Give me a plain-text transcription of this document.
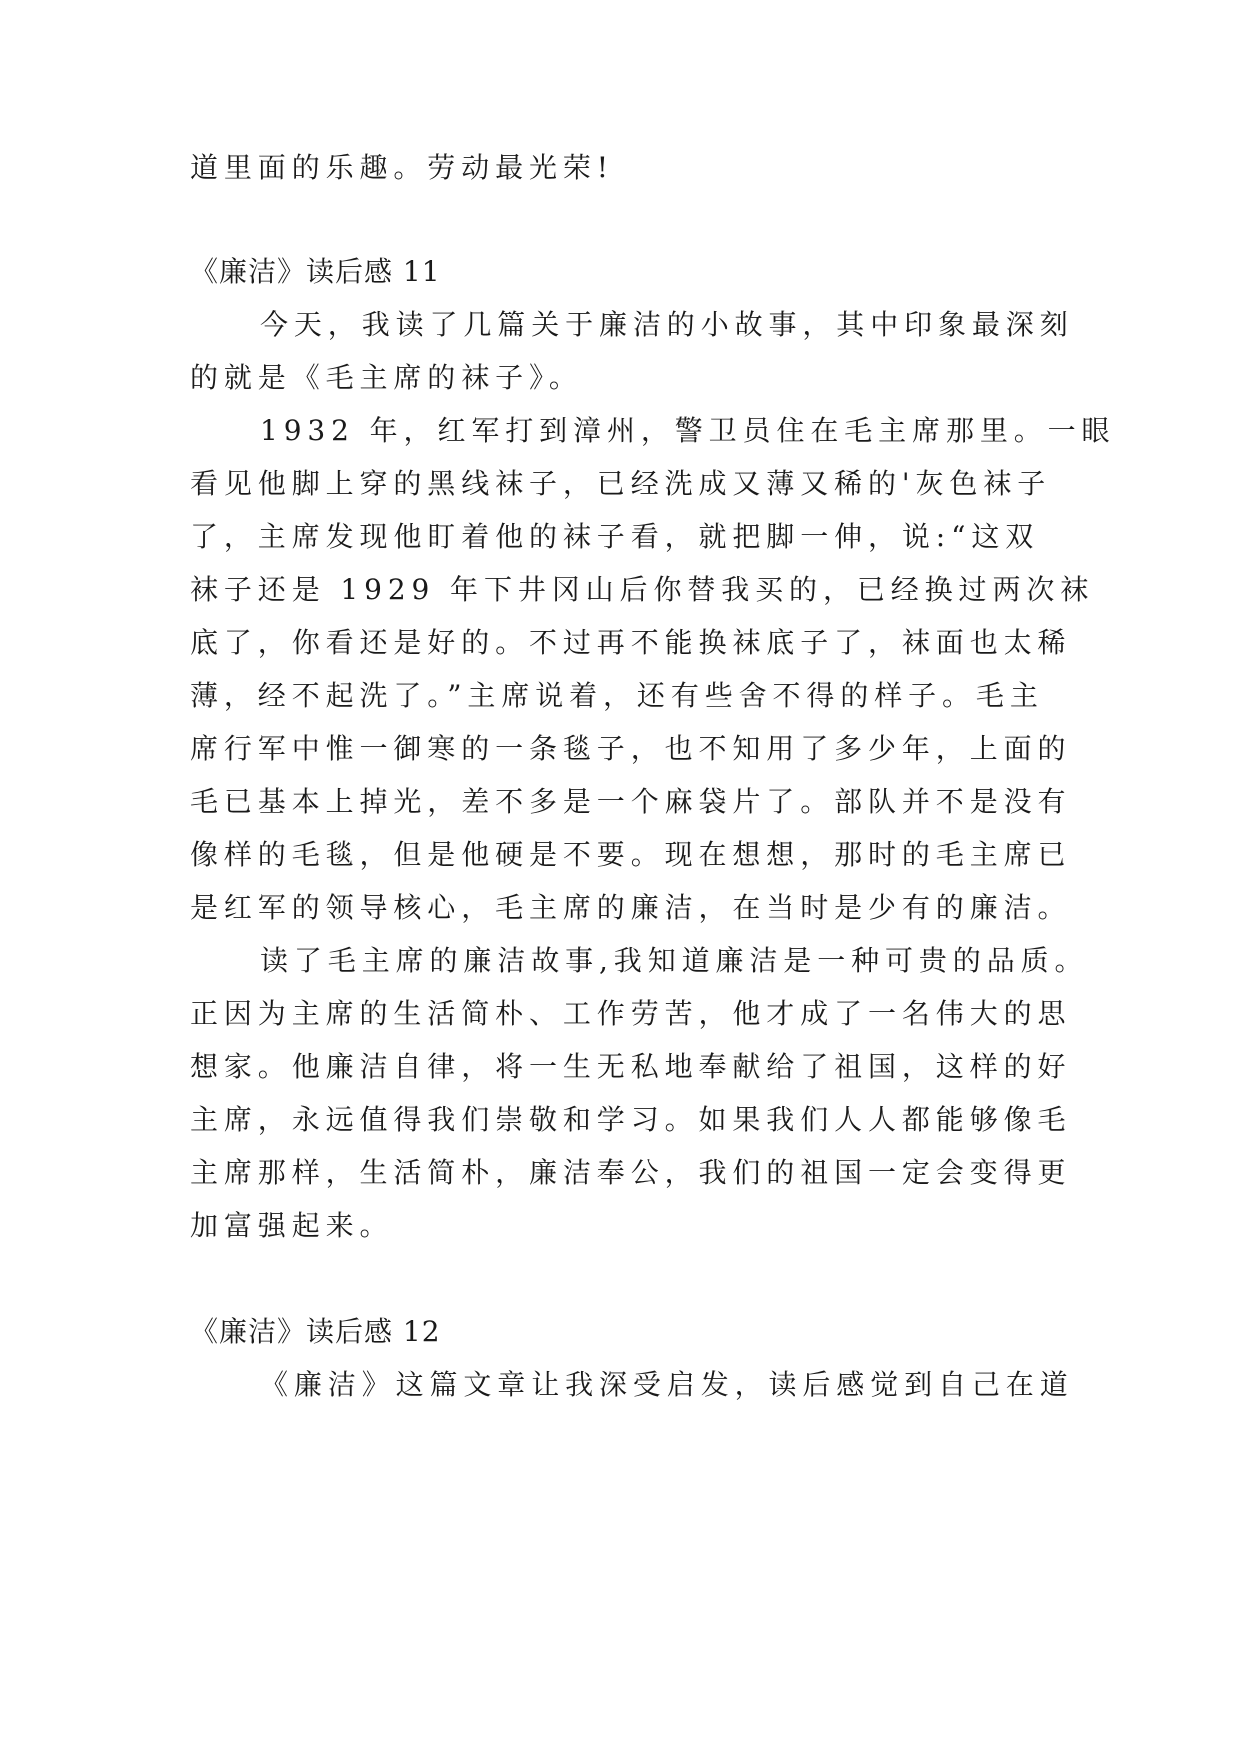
道里面的乐趣。劳动最光荣!
《廉洁》读后感 11
今天，我读了几篇关于廉洁的小故事，其中印象最深刻
的就是《毛主席的袜子》。
1932 年，红军打到漳州，警卫员住在毛主席那里。一眼
看见他脚上穿的黑线袜子，已经洗成又薄又稀的'灰色袜子
了，主席发现他盯着他的袜子看，就把脚一伸，说:“这双
袜子还是 1929 年下井冈山后你替我买的，已经换过两次袜
底了，你看还是好的。不过再不能换袜底子了，袜面也太稀
薄，经不起洗了。”主席说着，还有些舍不得的样子。毛主
席行军中惟一御寒的一条毯子，也不知用了多少年，上面的
毛已基本上掉光，差不多是一个麻袋片了。部队并不是没有
像样的毛毯，但是他硬是不要。现在想想，那时的毛主席已
是红军的领导核心，毛主席的廉洁，在当时是少有的廉洁。
读了毛主席的廉洁故事,我知道廉洁是一种可贵的品质。
正因为主席的生活简朴、工作劳苦，他才成了一名伟大的思
想家。他廉洁自律，将一生无私地奉献给了祖国，这样的好
主席，永远值得我们崇敬和学习。如果我们人人都能够像毛
主席那样，生活简朴，廉洁奉公，我们的祖国一定会变得更
加富强起来。
《廉洁》读后感 12
《廉洁》这篇文章让我深受启发，读后感觉到自己在道
